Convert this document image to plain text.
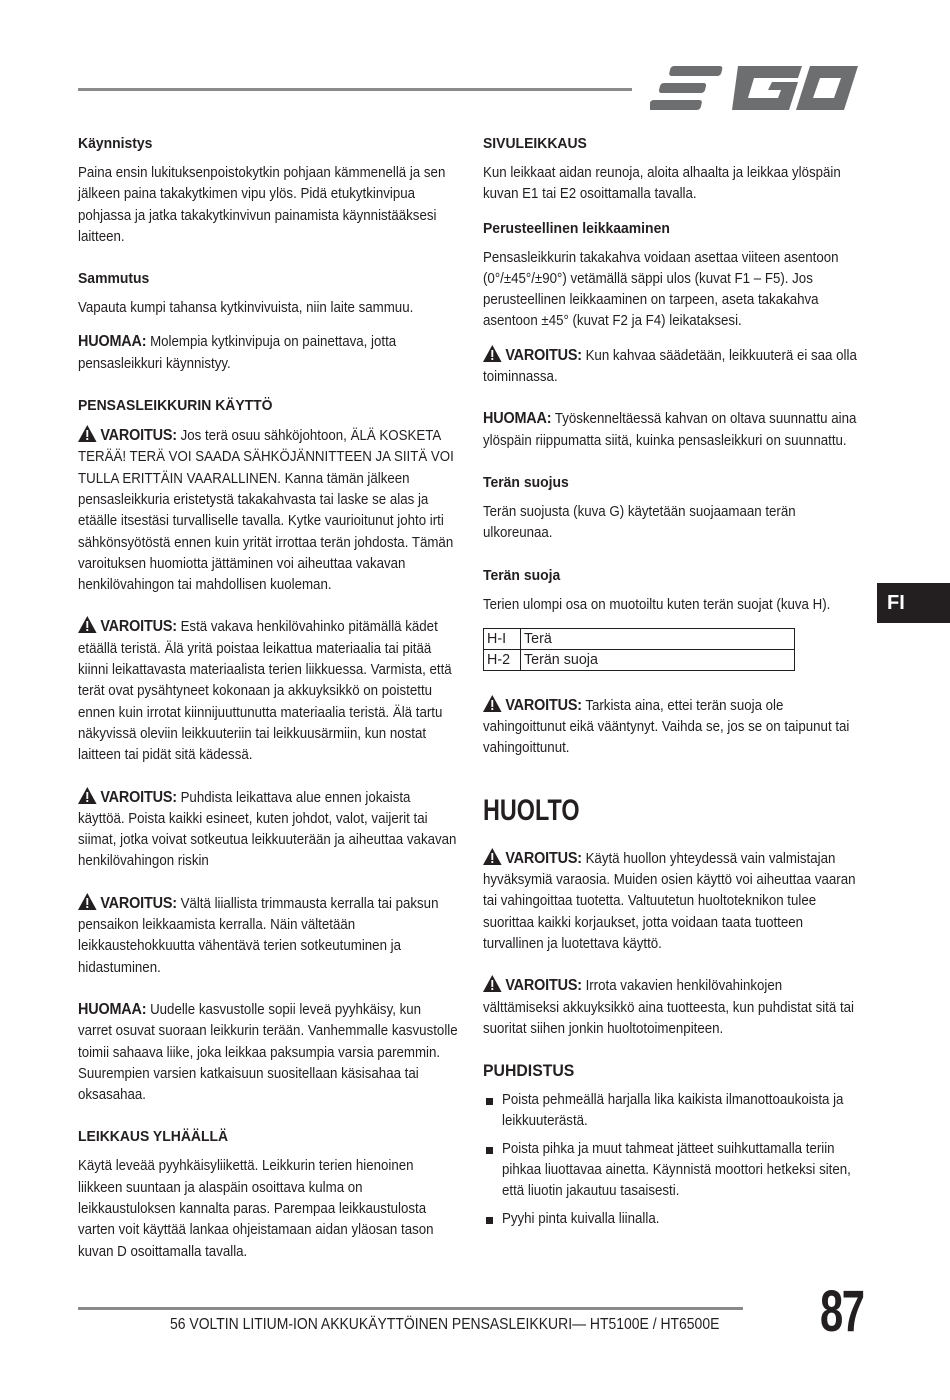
FI
Käynnistys

Paina ensin lukituksenpoistokytkin pohjaan kämmenellä ja sen jälkeen paina takakytkimen vipu ylös. Pidä etukytkinvipua pohjassa ja jatka takakytkinvivun painamista käynnistääksesi laitteen.

Sammutus

Vapauta kumpi tahansa kytkinvivuista, niin laite sammuu.

HUOMAA: Molempia kytkinvipuja on painettava, jotta pensasleikkuri käynnistyy.

PENSASLEIKKURIN KÄYTTÖ

VAROITUS: Jos terä osuu sähköjohtoon, ÄLÄ KOSKETA TERÄÄ! TERÄ VOI SAADA SÄHKÖJÄNNITTEEN JA SIITÄ VOI TULLA ERITTÄIN VAARALLINEN. Kanna tämän jälkeen pensasleikkuria eristetystä takakahvasta tai laske se alas ja etäälle itsestäsi turvalliselle tavalla. Kytke vaurioitunut johto irti sähkönsyötöstä ennen kuin yrität irrottaa terän johdosta. Tämän varoituksen huomiotta jättäminen voi aiheuttaa vakavan henkilövahingon tai mahdollisen kuoleman.

VAROITUS: Estä vakava henkilövahinko pitämällä kädet etäällä teristä. Älä yritä poistaa leikattua materiaalia tai pitää kiinni leikattavasta materiaalista terien liikkuessa. Varmista, että terät ovat pysähtyneet kokonaan ja akkuyksikkö on poistettu ennen kuin irrotat kiinnijuuttunutta materiaalia teristä. Älä tartu näkyvissä oleviin leikkuuteriin tai leikkuusärmiin, kun nostat laitteen tai pidät sitä kädessä.

VAROITUS: Puhdista leikattava alue ennen jokaista käyttöä. Poista kaikki esineet, kuten johdot, valot, vaijerit tai siimat, jotka voivat sotkeutua leikkuuterään ja aiheuttaa vakavan henkilövahingon riskin

VAROITUS: Vältä liiallista trimmausta kerralla tai paksun pensaikon leikkaamista kerralla. Näin vältetään leikkaustehokkuutta vähentävä terien sotkeutuminen ja hidastuminen.

HUOMAA: Uudelle kasvustolle sopii leveä pyyhkäisy, kun varret osuvat suoraan leikkurin terään. Vanhemmalle kasvustolle toimii sahaava liike, joka leikkaa paksumpia varsia paremmin. Suurempien varsien katkaisuun suositellaan käsisahaa tai oksasahaa.

LEIKKAUS YLHÄÄLLÄ

Käytä leveää pyyhkäisyliikettä. Leikkurin terien hienoinen liikkeen suuntaan ja alaspäin osoittava kulma on leikkaustuloksen kannalta paras. Parempaa leikkaustulosta varten voit käyttää lankaa ohjeistamaan aidan yläosan tason kuvan D osoittamalla tavalla.

SIVULEIKKAUS

Kun leikkaat aidan reunoja, aloita alhaalta ja leikkaa ylöspäin kuvan E1 tai E2 osoittamalla tavalla.

Perusteellinen leikkaaminen

Pensasleikkurin takakahva voidaan asettaa viiteen asentoon (0°/±45°/±90°) vetämällä säppi ulos (kuvat F1 – F5). Jos perusteellinen leikkaaminen on tarpeen, aseta takakahva asentoon ±45° (kuvat F2 ja F4) leikataksesi.

VAROITUS: Kun kahvaa säädetään, leikkuuterä ei saa olla toiminnassa.

HUOMAA: Työskenneltäessä kahvan on oltava suunnattu aina ylöspäin riippumatta siitä, kuinka pensasleikkuri on suunnattu.

Terän suojus

Terän suojusta (kuva G) käytetään suojaamaan terän ulkoreunaa.

Terän suoja

Terien ulompi osa on muotoiltu kuten terän suojat (kuva H).

H-I	Terä
H-2	Terän suoja

VAROITUS: Tarkista aina, ettei terän suoja ole vahingoittunut eikä vääntynyt. Vaihda se, jos se on taipunut tai vahingoittunut.

HUOLTO

VAROITUS: Käytä huollon yhteydessä vain valmistajan hyväksymiä varaosia. Muiden osien käyttö voi aiheuttaa vaaran tai vahingoittaa tuotetta. Valtuutetun huoltoteknikon tulee suorittaa kaikki korjaukset, jotta voidaan taata tuotteen turvallinen ja luotettava käyttö.

VAROITUS: Irrota vakavien henkilövahinkojen välttämiseksi akkuyksikkö aina tuotteesta, kun puhdistat sitä tai suoritat siihen jonkin huoltotoimenpiteen.

PUHDISTUS
Poista pehmeällä harjalla lika kaikista ilmanottoaukoista ja leikkuuterästä.
Poista pihka ja muut tahmeat jätteet suihkuttamalla teriin pihkaa liuottavaa ainetta. Käynnistä moottori hetkeksi siten, että liuotin jakautuu tasaisesti.
Pyyhi pinta kuivalla liinalla.
56 VOLTIN LITIUM-ION AKKUKÄYTTÖINEN PENSASLEIKKURI— HT5100E / HT6500E 87
